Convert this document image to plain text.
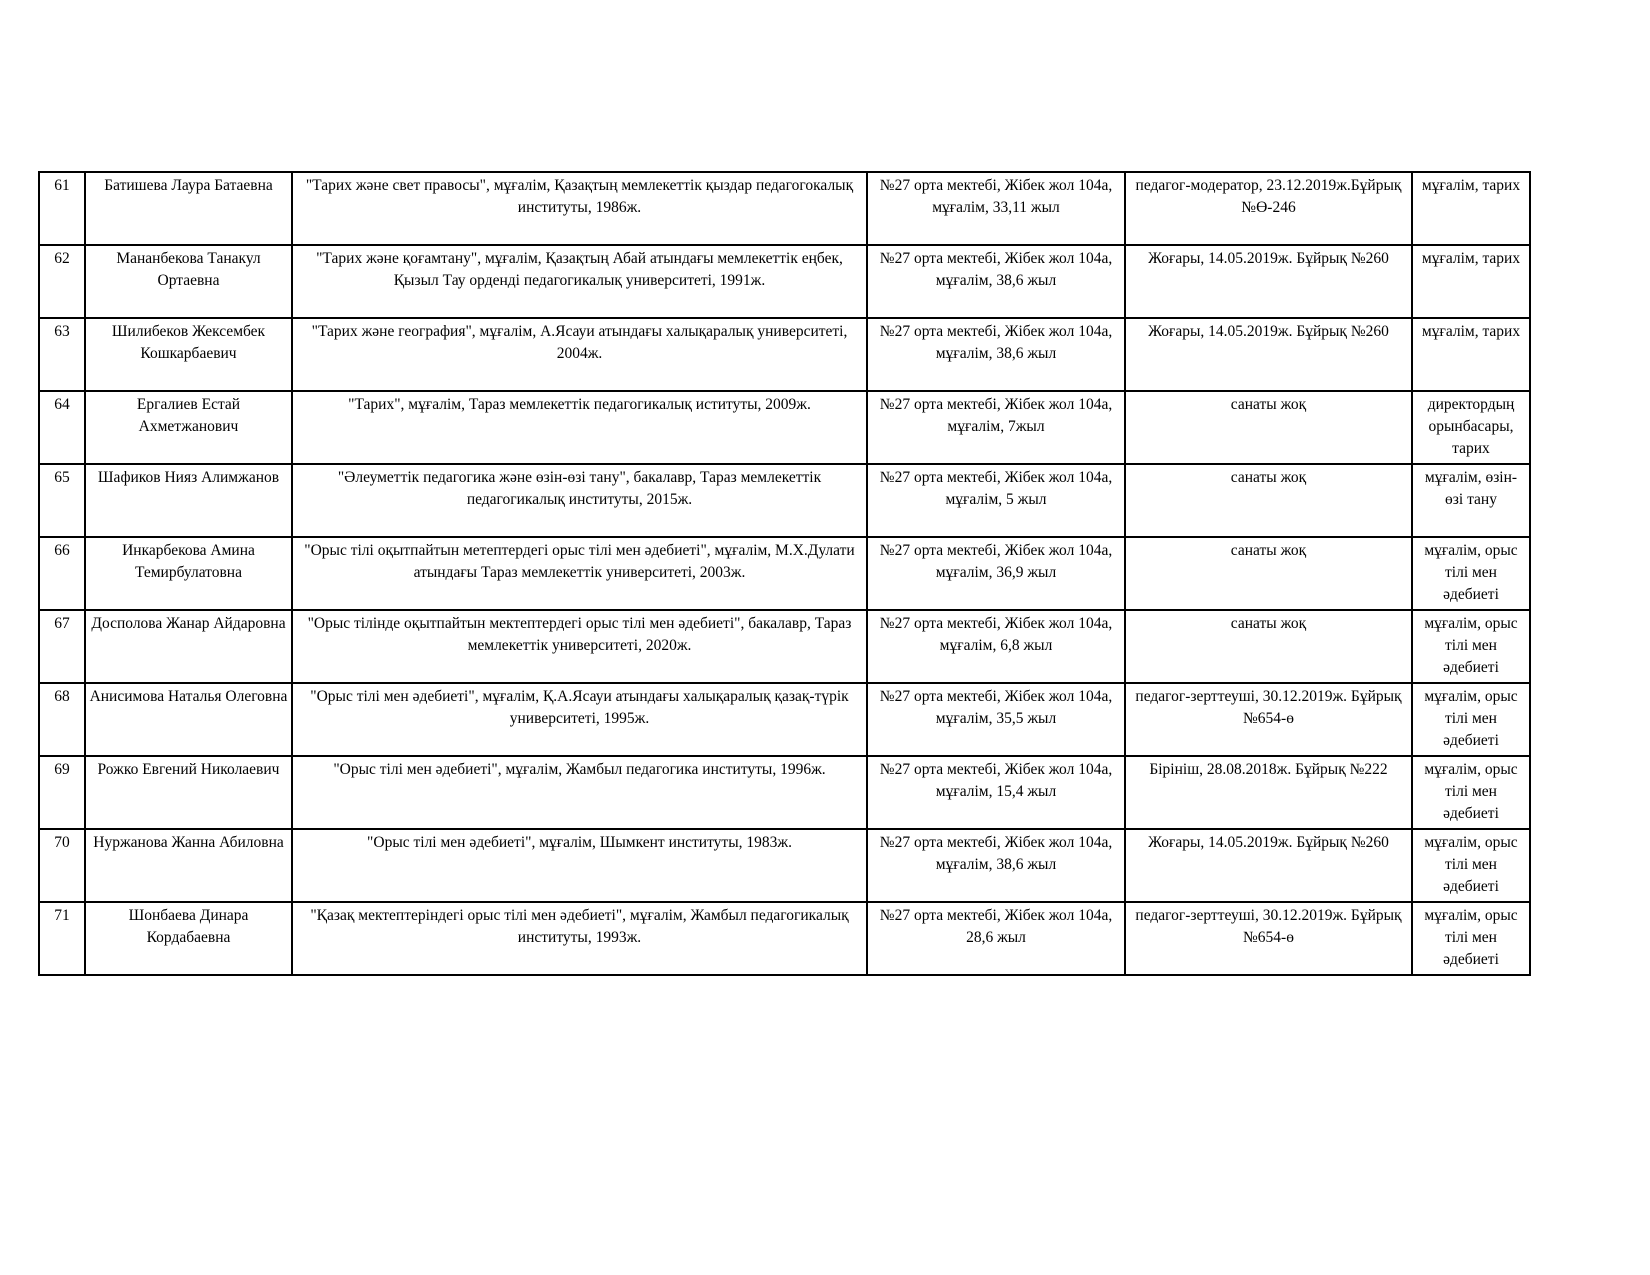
61	Батишева Лаура Батаевна	"Тарих және свет правосы", мұғалім, Қазақтың мемлекеттік қыздар педагогокалық институты, 1986ж.	№27 орта мектебі, Жібек жол 104а, мұғалім, 33,11 жыл	педагог-модератор, 23.12.2019ж.Бұйрық №Ө-246	мұғалім, тарих
62	Мананбекова Танакул Ортаевна	"Тарих және қоғамтану", мұғалім, Қазақтың Абай атындағы мемлекеттік еңбек, Қызыл Тау орденді педагогикалық университеті, 1991ж.	№27 орта мектебі, Жібек жол 104а, мұғалім, 38,6 жыл	Жоғары, 14.05.2019ж. Бұйрық №260	мұғалім, тарих
63	Шилибеков Жексембек Кошкарбаевич	"Тарих және география", мұғалім, А.Ясауи атындағы халықаралық университеті, 2004ж.	№27 орта мектебі, Жібек жол 104а, мұғалім, 38,6 жыл	Жоғары, 14.05.2019ж. Бұйрық №260	мұғалім, тарих
64	Ергалиев Естай Ахметжанович	"Тарих", мұғалім, Тараз мемлекеттік педагогикалық иституты, 2009ж.	№27 орта мектебі, Жібек жол 104а, мұғалім, 7жыл	санаты жоқ	директордың орынбасары, тарих
65	Шафиков Нияз Алимжанов	"Әлеуметтік педагогика және өзін-өзі тану", бакалавр, Тараз мемлекеттік педагогикалық институты, 2015ж.	№27 орта мектебі, Жібек жол 104а, мұғалім, 5 жыл	санаты жоқ	мұғалім, өзін-өзі тану
66	Инкарбекова Амина Темирбулатовна	"Орыс тілі оқытпайтын метептердегі орыс тілі мен әдебиеті", мұғалім, М.Х.Дулати атындағы Тараз мемлекеттік университеті, 2003ж.	№27 орта мектебі, Жібек жол 104а, мұғалім, 36,9 жыл	санаты жоқ	мұғалім, орыс тілі мен әдебиеті
67	Досполова Жанар Айдаровна	"Орыс тілінде оқытпайтын мектептердегі орыс тілі мен әдебиеті", бакалавр, Тараз мемлекеттік университеті, 2020ж.	№27 орта мектебі, Жібек жол 104а, мұғалім, 6,8 жыл	санаты жоқ	мұғалім, орыс тілі мен әдебиеті
68	Анисимова Наталья Олеговна	"Орыс тілі мен әдебиеті", мұғалім, Қ.А.Ясауи атындағы халықаралық қазақ-түрік университеті, 1995ж.	№27 орта мектебі, Жібек жол 104а, мұғалім, 35,5 жыл	педагог-зерттеуші, 30.12.2019ж. Бұйрық №654-ө	мұғалім, орыс тілі мен әдебиеті
69	Рожко Евгений Николаевич	"Орыс тілі мен әдебиеті", мұғалім, Жамбыл педагогика институты, 1996ж.	№27 орта мектебі, Жібек жол 104а, мұғалім, 15,4 жыл	Бірініш, 28.08.2018ж. Бұйрық №222	мұғалім, орыс тілі мен әдебиеті
70	Нуржанова Жанна Абиловна	"Орыс тілі мен әдебиеті", мұғалім, Шымкент институты, 1983ж.	№27 орта мектебі, Жібек жол 104а, мұғалім, 38,6 жыл	Жоғары, 14.05.2019ж. Бұйрық №260	мұғалім, орыс тілі мен әдебиеті
71	Шонбаева Динара Кордабаевна	"Қазақ мектептеріндегі орыс тілі мен әдебиеті", мұғалім, Жамбыл педагогикалық институты, 1993ж.	№27 орта мектебі, Жібек жол 104а, 28,6 жыл	педагог-зерттеуші, 30.12.2019ж. Бұйрық №654-ө	мұғалім, орыс тілі мен әдебиеті
